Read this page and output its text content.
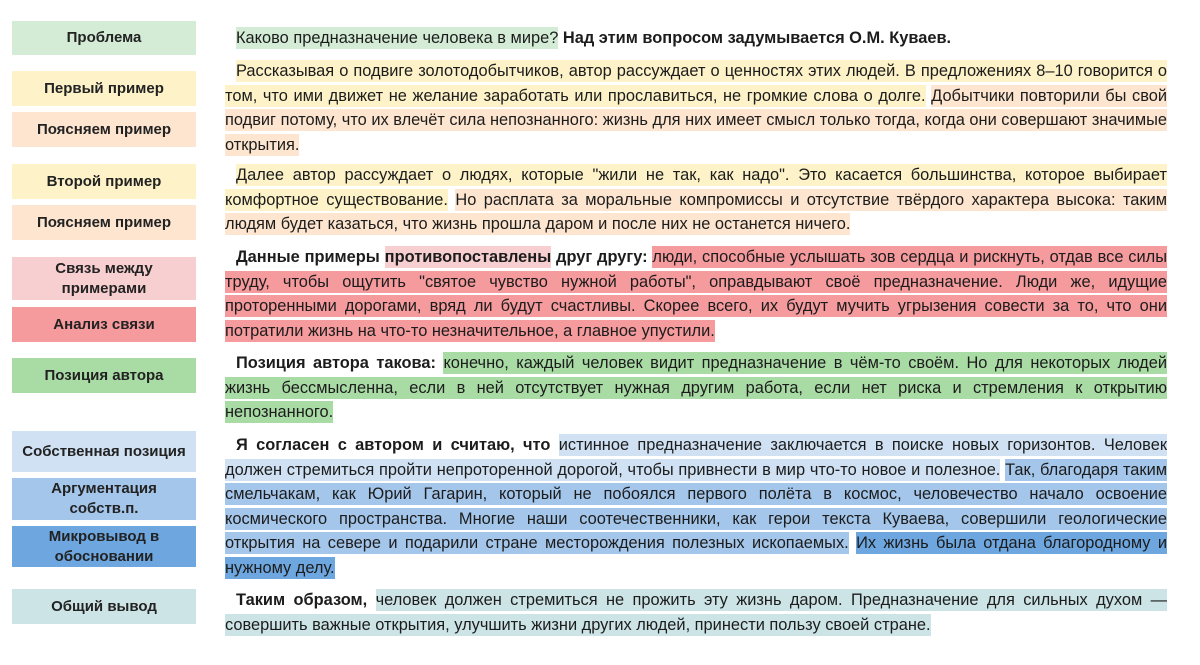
Проблема
Первый пример
Поясняем пример
Второй пример
Поясняем пример
Связь между примерами
Анализ связи
Позиция автора
Собственная позиция
Аргументация собств.п.
Микровывод в обосновании
Общий вывод

Каково предназначение человека в мире? Над этим вопросом задумывается О.М. Куваев.

Рассказывая о подвиге золотодобытчиков, автор рассуждает о ценностях этих людей. В предложениях 8–10 говорится о том, что ими движет не желание заработать или прославиться, не громкие слова о долге. Добытчики повторили бы свой подвиг потому, что их влечёт сила непознанного: жизнь для них имеет смысл только тогда, когда они совершают значимые открытия.

Далее автор рассуждает о людях, которые "жили не так, как надо". Это касается большинства, которое выбирает комфортное существование. Но расплата за моральные компромиссы и отсутствие твёрдого характера высока: таким людям будет казаться, что жизнь прошла даром и после них не останется ничего.

Данные примеры противопоставлены друг другу: люди, способные услышать зов сердца и рискнуть, отдав все силы труду, чтобы ощутить "святое чувство нужной работы", оправдывают своё предназначение. Люди же, идущие проторенными дорогами, вряд ли будут счастливы. Скорее всего, их будут мучить угрызения совести за то, что они потратили жизнь на что-то незначительное, а главное упустили.

Позиция автора такова: конечно, каждый человек видит предназначение в чём-то своём. Но для некоторых людей жизнь бессмысленна, если в ней отсутствует нужная другим работа, если нет риска и стремления к открытию непознанного.

Я согласен с автором и считаю, что истинное предназначение заключается в поиске новых горизонтов. Человек должен стремиться пройти непроторенной дорогой, чтобы привнести в мир что-то новое и полезное. Так, благодаря таким смельчакам, как Юрий Гагарин, который не побоялся первого полёта в космос, человечество начало освоение космического пространства. Многие наши соотечественники, как герои текста Куваева, совершили геологические открытия на севере и подарили стране месторождения полезных ископаемых. Их жизнь была отдана благородному и нужному делу.

Таким образом, человек должен стремиться не прожить эту жизнь даром. Предназначение для сильных духом — совершить важные открытия, улучшить жизни других людей, принести пользу своей стране.
